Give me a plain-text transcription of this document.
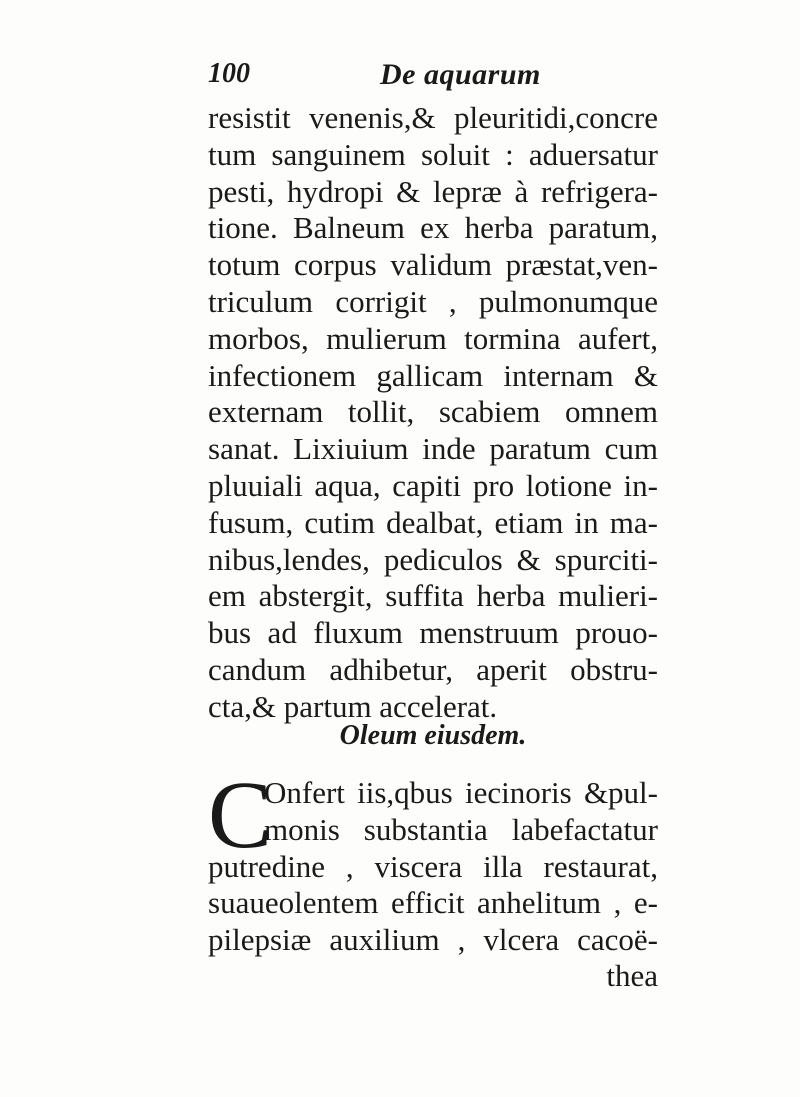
100	De aquarum
resistit venenis,& pleuritidi,concre
tum sanguinem soluit : aduersatur
pesti, hydropi & lepræ à refrigera-
tione. Balneum ex herba paratum,
totum corpus validum præstat,ven-
triculum corrigit , pulmonumque
morbos, mulierum tormina aufert,
infectionem gallicam internam &
externam tollit, scabiem omnem
sanat. Lixiuium inde paratum cum
pluuiali aqua, capiti pro lotione in-
fusum, cutim dealbat, etiam in ma-
nibus,lendes, pediculos & spurciti-
em abstergit, suffita herba mulieri-
bus ad fluxum menstruum prouo-
candum adhibetur, aperit obstru-
cta,& partum accelerat.
Oleum eiusdem.
C
Onfert iis,qbus iecinoris &pul-
monis substantia labefactatur
putredine , viscera illa restaurat,
suaueolentem efficit anhelitum , e-
pilepsiæ auxilium , vlcera cacoë-
thea
